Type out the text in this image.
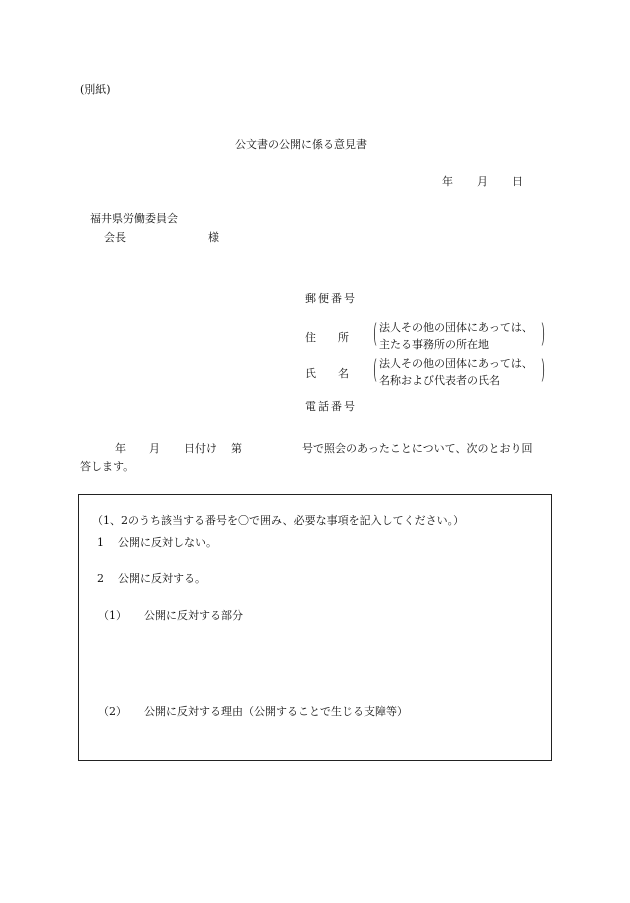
(別紙)
公文書の公開に係る意見書
年 月 日
福井県労働委員会
会長	様
郵便番号
住　　所 ( 法人その他の団体にあっては、
主たる事務所の所在地 )
氏　　名 ( 法人その他の団体にあっては、
名称および代表者の氏名 )
電話番号
年 月 日付け 第	号で照会のあったことについて、次のとおり回
答します。
（1、2のうち該当する番号を〇で囲み、必要な事項を記入してください。）
1 公開に反対しない。
2 公開に反対する。
（1） 公開に反対する部分
（2） 公開に反対する理由（公開することで生じる支障等）
